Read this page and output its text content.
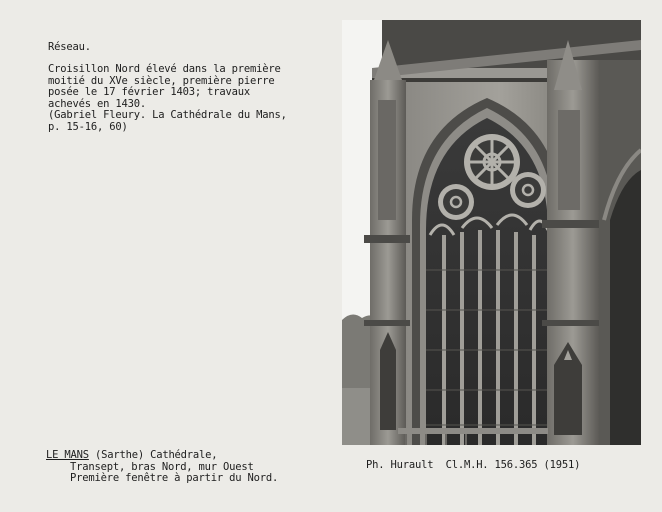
Réseau.
Croisillon Nord élevé dans la première
moitié du XVe siècle, première pierre
posée le 17 février 1403; travaux
achevés en 1430.
(Gabriel Fleury. La Cathédrale du Mans,
p. 15-16, 60)
LE MANS (Sarthe) Cathédrale,
Transept, bras Nord, mur Ouest
Première fenêtre à partir du Nord.
Ph. Hurault  Cl.M.H. 156.365 (1951)
